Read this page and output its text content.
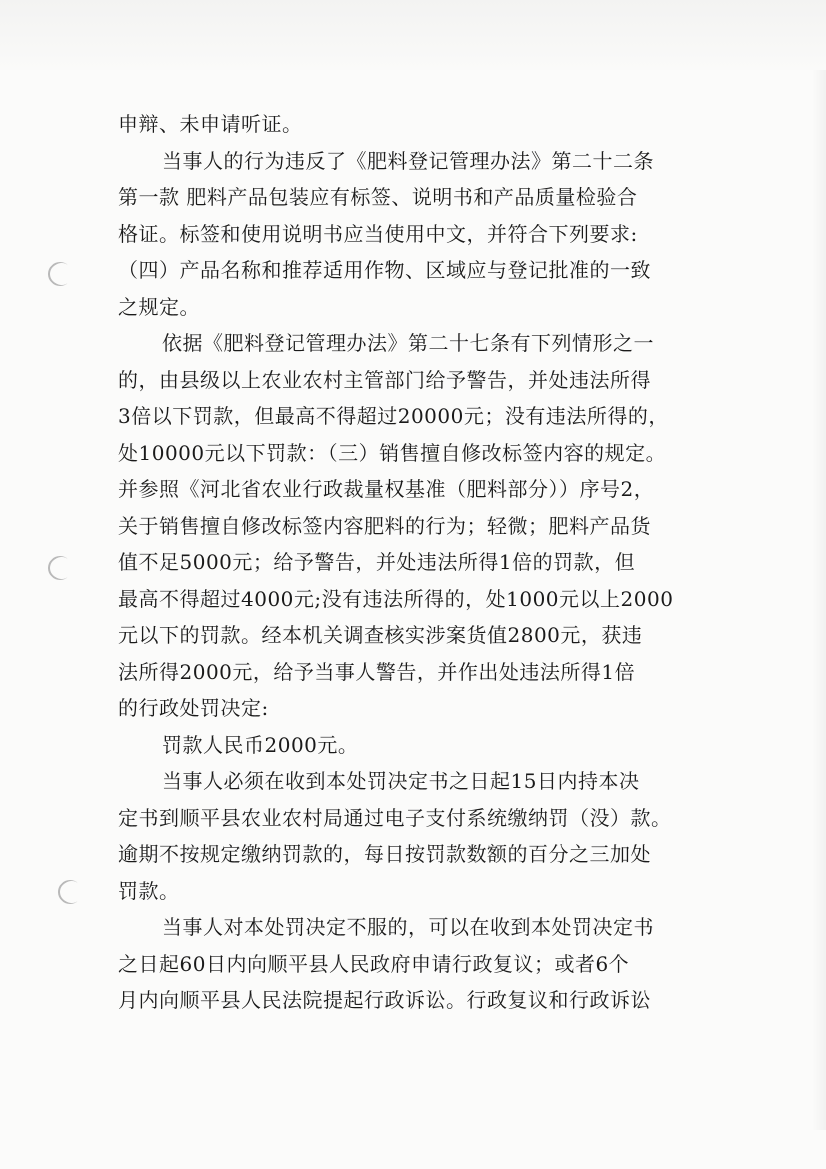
申辩、未申请听证。
当事人的行为违反了《肥料登记管理办法》第二十二条
第一款 肥料产品包装应有标签、说明书和产品质量检验合
格证。标签和使用说明书应当使用中文，并符合下列要求:
（四）产品名称和推荐适用作物、区域应与登记批准的一致
之规定。
依据《肥料登记管理办法》第二十七条有下列情形之一
的，由县级以上农业农村主管部门给予警告，并处违法所得
3倍以下罚款，但最高不得超过20000元；没有违法所得的，
处10000元以下罚款：（三）销售擅自修改标签内容的规定。
并参照《河北省农业行政裁量权基准（肥料部分））序号2，
关于销售擅自修改标签内容肥料的行为；轻微；肥料产品货
值不足5000元；给予警告，并处违法所得1倍的罚款，但
最高不得超过4000元;没有违法所得的，处1000元以上2000
元以下的罚款。经本机关调查核实涉案货值2800元，获违
法所得2000元，给予当事人警告，并作出处违法所得1倍
的行政处罚决定:
罚款人民币2000元。
当事人必须在收到本处罚决定书之日起15日内持本决
定书到顺平县农业农村局通过电子支付系统缴纳罚（没）款。
逾期不按规定缴纳罚款的，每日按罚款数额的百分之三加处
罚款。
当事人对本处罚决定不服的，可以在收到本处罚决定书
之日起60日内向顺平县人民政府申请行政复议；或者6个
月内向顺平县人民法院提起行政诉讼。行政复议和行政诉讼
